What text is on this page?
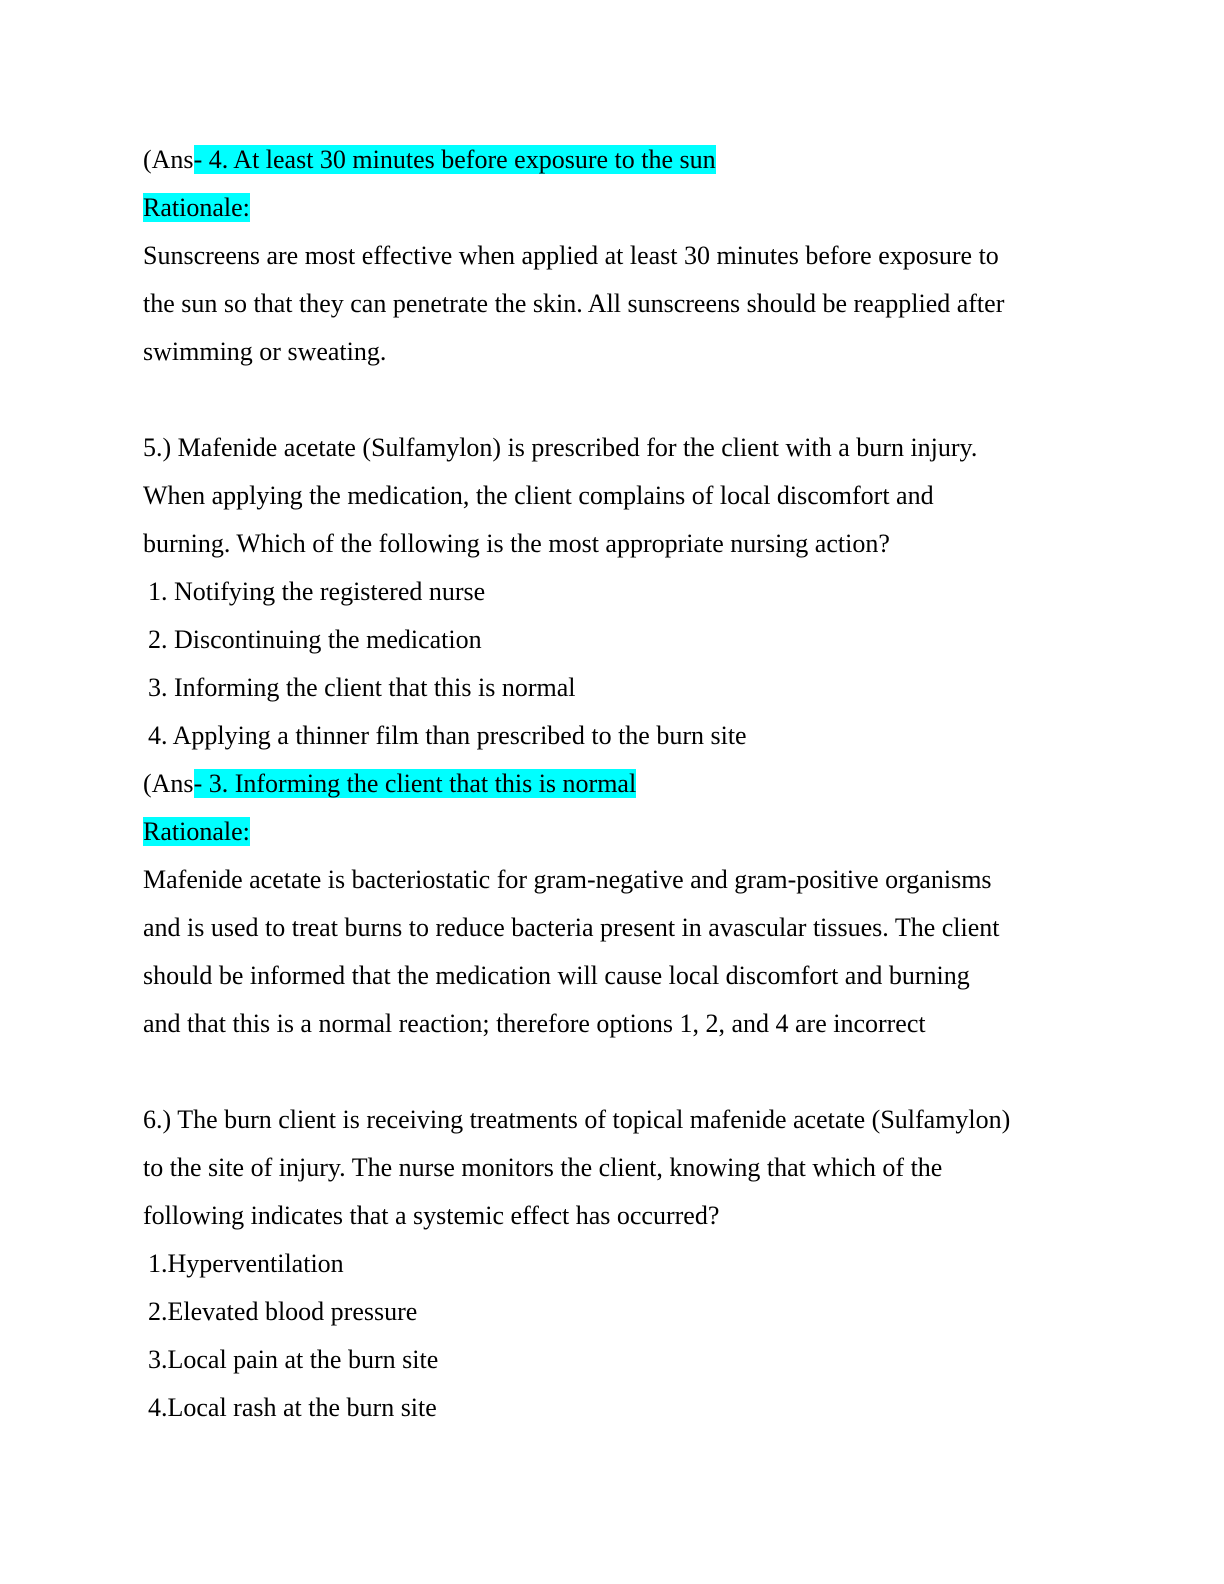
(Ans- 4. At least 30 minutes before exposure to the sun
Rationale:
Sunscreens are most effective when applied at least 30 minutes before exposure to
the sun so that they can penetrate the skin. All sunscreens should be reapplied after
swimming or sweating.
5.) Mafenide acetate (Sulfamylon) is prescribed for the client with a burn injury.
When applying the medication, the client complains of local discomfort and
burning. Which of the following is the most appropriate nursing action?
1. Notifying the registered nurse
2. Discontinuing the medication
3. Informing the client that this is normal
4. Applying a thinner film than prescribed to the burn site
(Ans- 3. Informing the client that this is normal
Rationale:
Mafenide acetate is bacteriostatic for gram-negative and gram-positive organisms
and is used to treat burns to reduce bacteria present in avascular tissues. The client
should be informed that the medication will cause local discomfort and burning
and that this is a normal reaction; therefore options 1, 2, and 4 are incorrect
6.) The burn client is receiving treatments of topical mafenide acetate (Sulfamylon)
to the site of injury. The nurse monitors the client, knowing that which of the
following indicates that a systemic effect has occurred?
1.Hyperventilation
2.Elevated blood pressure
3.Local pain at the burn site
4.Local rash at the burn site
